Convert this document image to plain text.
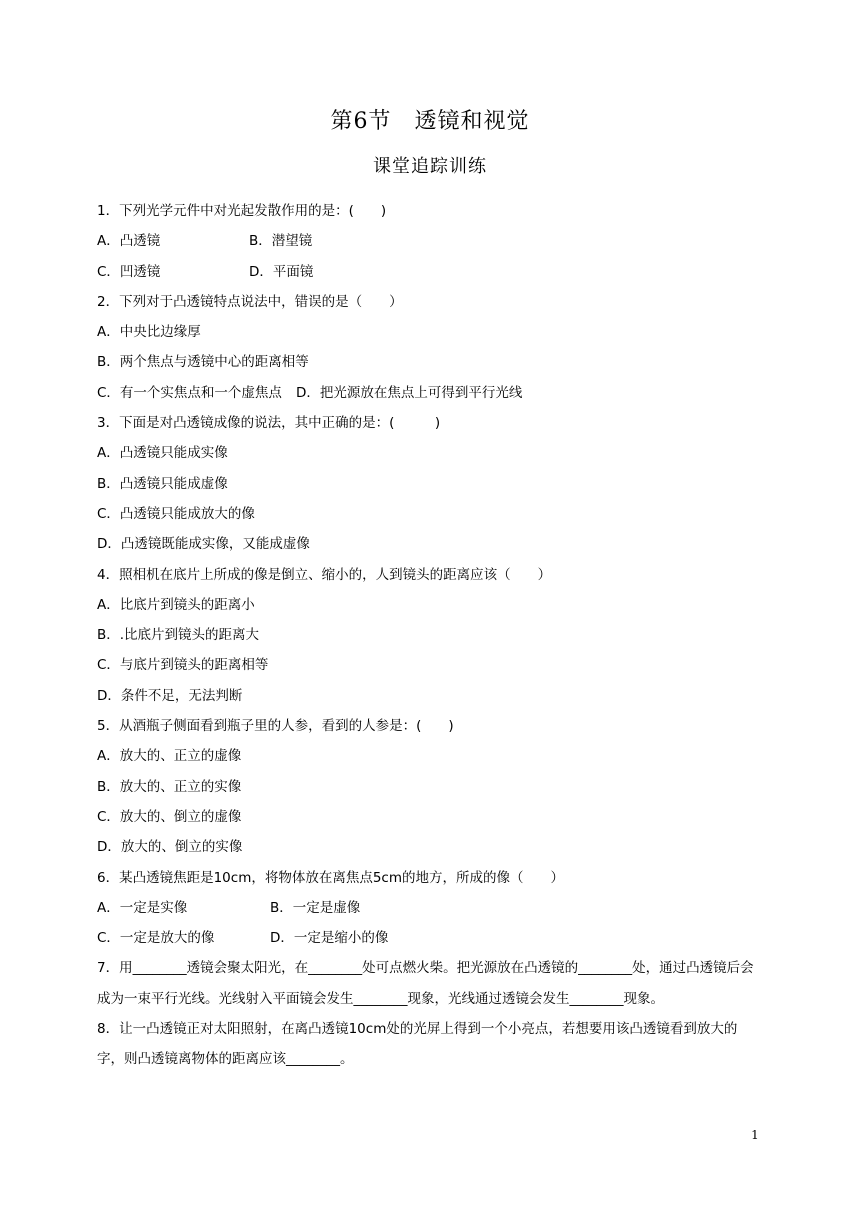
第6节　透镜和视觉
课堂追踪训练
1．下列光学元件中对光起发散作用的是：(　　)
A．凸透镜	B．潜望镜
C．凹透镜	D．平面镜
2．下列对于凸透镜特点说法中，错误的是（　　）
A．中央比边缘厚
B．两个焦点与透镜中心的距离相等
C．有一个实焦点和一个虚焦点 D．把光源放在焦点上可得到平行光线
3．下面是对凸透镜成像的说法，其中正确的是：(　　　)
A．凸透镜只能成实像
B．凸透镜只能成虚像
C．凸透镜只能成放大的像
D．凸透镜既能成实像，又能成虚像
4．照相机在底片上所成的像是倒立、缩小的，人到镜头的距离应该（　　）
A．比底片到镜头的距离小
B．.比底片到镜头的距离大
C．与底片到镜头的距离相等
D．条件不足，无法判断
5．从酒瓶子侧面看到瓶子里的人参，看到的人参是：(　　)
A．放大的、正立的虚像
B．放大的、正立的实像
C．放大的、倒立的虚像
D．放大的、倒立的实像
6．某凸透镜焦距是10cm，将物体放在离焦点5cm的地方，所成的像（　　）
A．一定是实像	B．一定是虚像
C．一定是放大的像	D．一定是缩小的像
7．用________透镜会聚太阳光，在________处可点燃火柴。把光源放在凸透镜的________处，通过凸透镜后会成为一束平行光线。光线射入平面镜会发生________现象，光线通过透镜会发生________现象。
8．让一凸透镜正对太阳照射，在离凸透镜10cm处的光屏上得到一个小亮点，若想要用该凸透镜看到放大的字，则凸透镜离物体的距离应该________。
1
